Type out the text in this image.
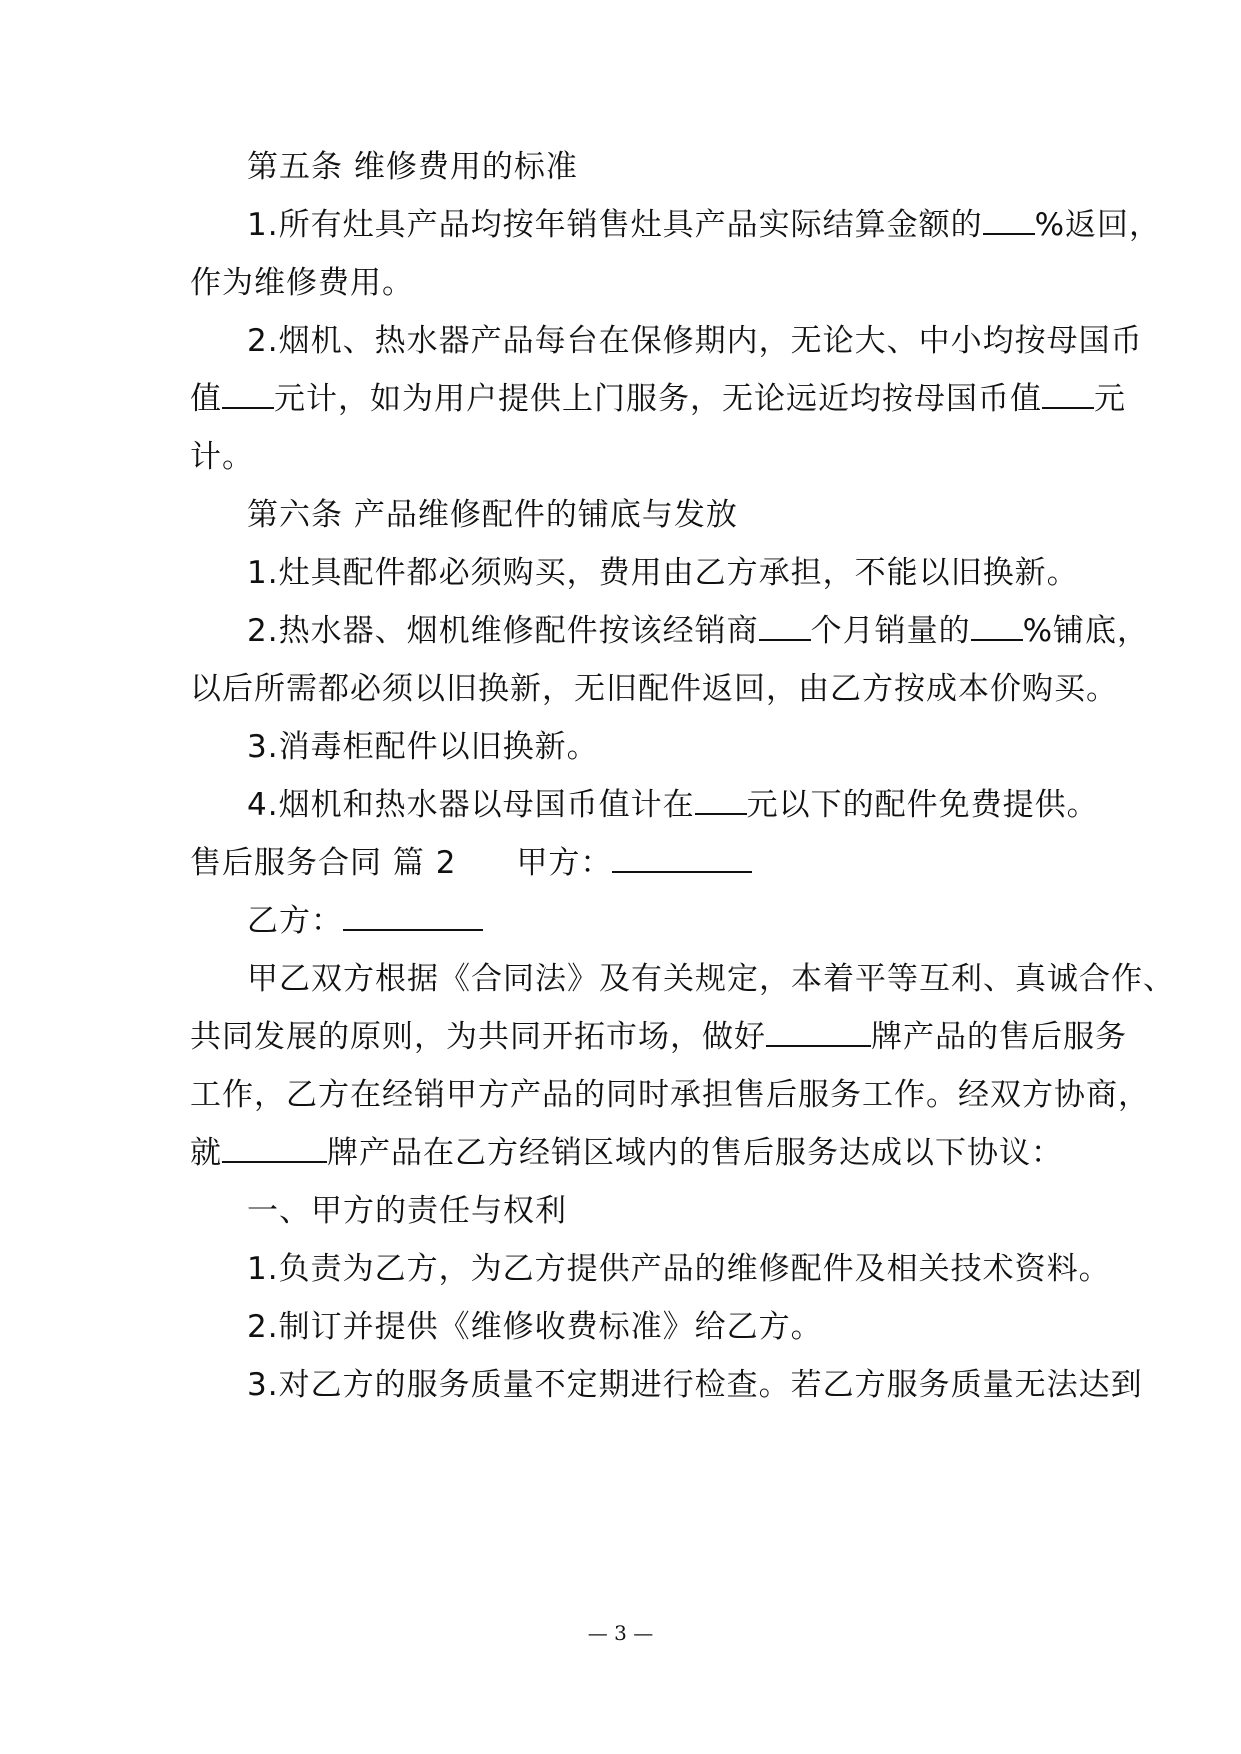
第五条 维修费用的标准
1.所有灶具产品均按年销售灶具产品实际结算金额的 %返回，
作为维修费用。
2.烟机、热水器产品每台在保修期内，无论大、中小均按母国币
值 元计，如为用户提供上门服务，无论远近均按母国币值 元
计。
第六条 产品维修配件的铺底与发放
1.灶具配件都必须购买，费用由乙方承担，不能以旧换新。
2.热水器、烟机维修配件按该经销商 个月销量的 %铺底，
以后所需都必须以旧换新，无旧配件返回，由乙方按成本价购买。
3.消毒柜配件以旧换新。
4.烟机和热水器以母国币值计在 元以下的配件免费提供。
售后服务合同 篇 2 甲方：
乙方：
甲乙双方根据《合同法》及有关规定，本着平等互利、真诚合作、
共同发展的原则，为共同开拓市场，做好	牌产品的售后服务
工作，乙方在经销甲方产品的同时承担售后服务工作。经双方协商，
就	牌产品在乙方经销区域内的售后服务达成以下协议：
一、甲方的责任与权利
1.负责为乙方，为乙方提供产品的维修配件及相关技术资料。
2.制订并提供《维修收费标准》给乙方。
3.对乙方的服务质量不定期进行检查。若乙方服务质量无法达到
— 3 —
